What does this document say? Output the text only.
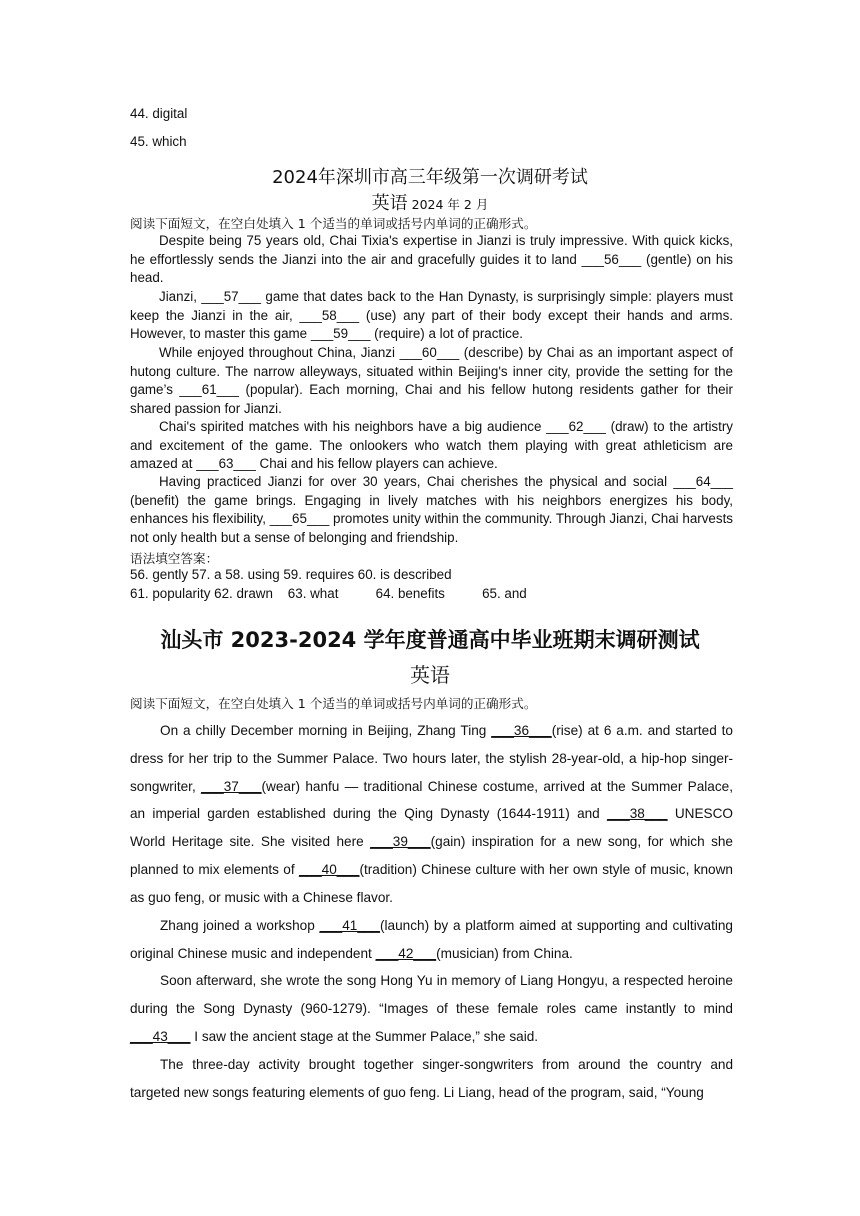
44. digital
45. which
2024年深圳市高三年级第一次调研考试
英语 2024 年 2 月
阅读下面短文，在空白处填入 1 个适当的单词或括号内单词的正确形式。

Despite being 75 years old, Chai Tixia's expertise in Jianzi is truly impressive. With quick kicks, he effortlessly sends the Jianzi into the air and gracefully guides it to land ___56___ (gentle) on his head.

Jianzi, ___57___ game that dates back to the Han Dynasty, is surprisingly simple: players must keep the Jianzi in the air, ___58___ (use) any part of their body except their hands and arms. However, to master this game ___59___ (require) a lot of practice.

While enjoyed throughout China, Jianzi ___60___ (describe) by Chai as an important aspect of hutong culture. The narrow alleyways, situated within Beijing's inner city, provide the setting for the game’s ___61___ (popular). Each morning, Chai and his fellow hutong residents gather for their shared passion for Jianzi.

Chai's spirited matches with his neighbors have a big audience ___62___ (draw) to the artistry and excitement of the game. The onlookers who watch them playing with great athleticism are amazed at ___63___ Chai and his fellow players can achieve.

Having practiced Jianzi for over 30 years, Chai cherishes the physical and social ___64___ (benefit) the game brings. Engaging in lively matches with his neighbors energizes his body, enhances his flexibility, ___65___ promotes unity within the community. Through Jianzi, Chai harvests not only health but a sense of belonging and friendship.

语法填空答案：
56. gently 57. a 58. using 59. requires 60. is described
61. popularity 62. drawn    63. what          64. benefits          65. and
汕头市 2023-2024 学年度普通高中毕业班期末调研测试
英语
阅读下面短文，在空白处填入 1 个适当的单词或括号内单词的正确形式。

On a chilly December morning in Beijing, Zhang Ting ___36___(rise) at 6 a.m. and started to dress for her trip to the Summer Palace. Two hours later, the stylish 28-year-old, a hip-hop singer-songwriter, ___37___(wear) hanfu — traditional Chinese costume, arrived at the Summer Palace, an imperial garden established during the Qing Dynasty (1644-1911) and ___38___ UNESCO World Heritage site. She visited here ___39___(gain) inspiration for a new song, for which she planned to mix elements of ___40___(tradition) Chinese culture with her own style of music, known as guo feng, or music with a Chinese flavor.

Zhang joined a workshop ___41___(launch) by a platform aimed at supporting and cultivating original Chinese music and independent ___42___(musician) from China.

Soon afterward, she wrote the song Hong Yu in memory of Liang Hongyu, a respected heroine during the Song Dynasty (960-1279). “Images of these female roles came instantly to mind ___43___ I saw the ancient stage at the Summer Palace,” she said.

The three-day activity brought together singer-songwriters from around the country and targeted new songs featuring elements of guo feng. Li Liang, head of the program, said, “Young
